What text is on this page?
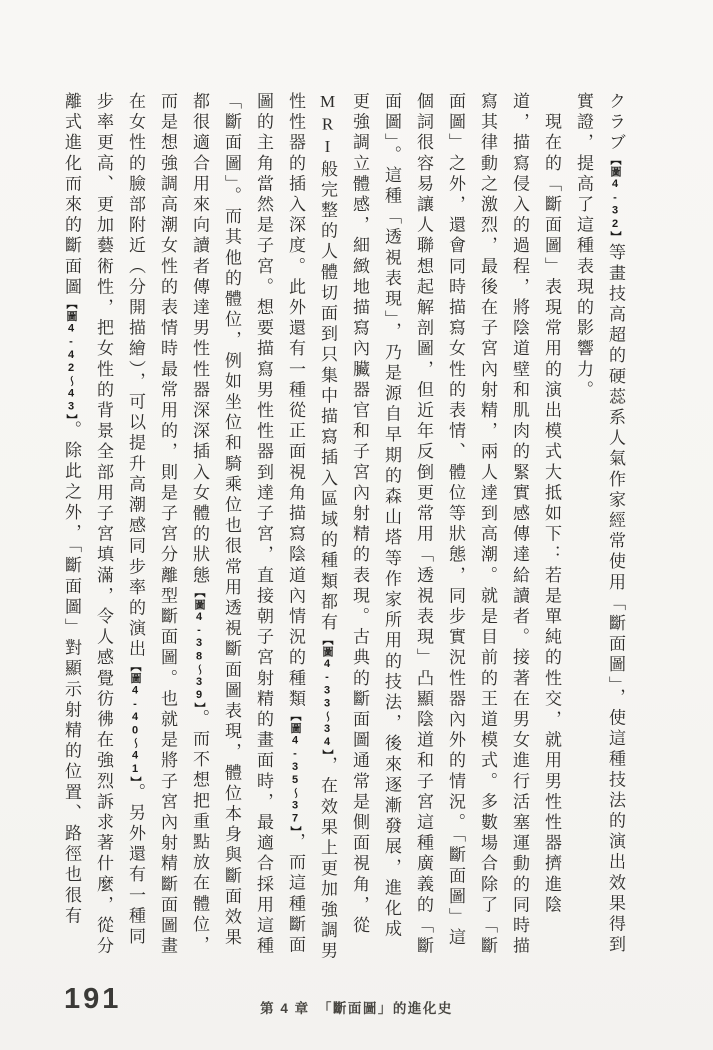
クラブ【圖4-32】等畫技高超的硬蕊系人氣作家經常使用「斷面圖」，使這種技法的演出效果得到
實證，提高了這種表現的影響力。
　現在的「斷面圖」表現常用的演出模式大抵如下：若是單純的性交，就用男性性器擠進陰
道，描寫侵入的過程，將陰道壁和肌肉的緊實感傳達給讀者。接著在男女進行活塞運動的同時描
寫其律動之激烈，最後在子宮內射精，兩人達到高潮。就是目前的王道模式。多數場合除了「斷
面圖」之外，還會同時描寫女性的表情、體位等狀態，同步實況性器內外的情況。「斷面圖」這
個詞很容易讓人聯想起解剖圖，但近年反倒更常用「透視表現」凸顯陰道和子宮這種廣義的「斷
面圖」。這種「透視表現」，乃是源自早期的森山塔等作家所用的技法，後來逐漸發展，進化成
更強調立體感，細緻地描寫內臟器官和子宮內射精的表現。古典的斷面圖通常是側面視角，從
MRI般完整的人體切面到只集中描寫插入區域的種類都有【圖4-33〜34】，在效果上更加強調男
性性器的插入深度。此外還有一種從正面視角描寫陰道內情況的種類【圖4-35〜37】，而這種斷面
圖的主角當然是子宮。想要描寫男性性器到達子宮，直接朝子宮射精的畫面時，最適合採用這種
「斷面圖」。而其他的體位，例如坐位和騎乘位也很常用透視斷面圖表現，體位本身與斷面效果
都很適合用來向讀者傳達男性性器深深插入女體的狀態【圖4-38〜39】。而不想把重點放在體位，
而是想強調高潮女性的表情時最常用的，則是子宮分離型斷面圖。也就是將子宮內射精斷面圖畫
在女性的臉部附近（分開描繪），可以提升高潮感同步率的演出【圖4-40〜41】。另外還有一種同
步率更高、更加藝術性，把女性的背景全部用子宮填滿，令人感覺彷彿在強烈訴求著什麼，從分
離式進化而來的斷面圖【圖4-42〜43】。除此之外，「斷面圖」對顯示射精的位置、路徑也很有
191	第 4 章　「斷面圖」的進化史
